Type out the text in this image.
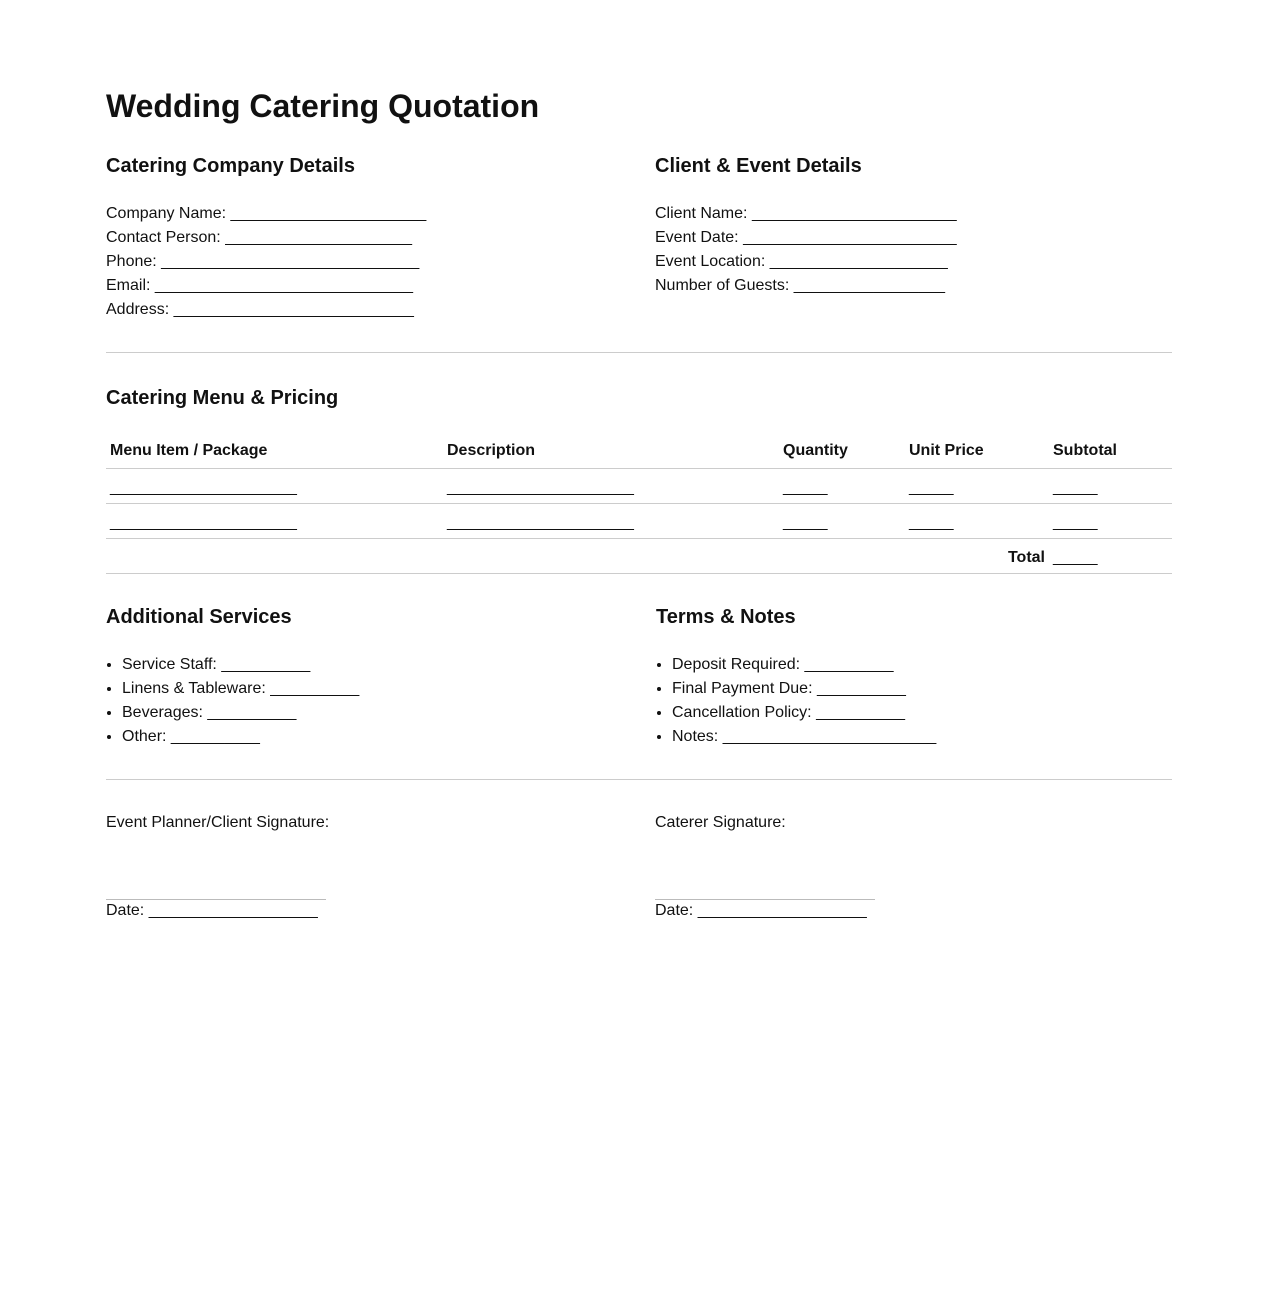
Wedding Catering Quotation
Catering Company Details
Company Name: ______________________
Contact Person: _____________________
Phone: _____________________________
Email: _____________________________
Address: ___________________________
Client & Event Details
Client Name: _______________________
Event Date: ________________________
Event Location: ____________________
Number of Guests: _________________
Catering Menu & Pricing
Menu Item / Package	Description	Quantity	Unit Price	Subtotal
_____________________	_____________________	_____	_____	_____
_____________________	_____________________	_____	_____	_____
Total				_____
Additional Services
• Service Staff: __________
• Linens & Tableware: __________
• Beverages: __________
• Other: __________
Terms & Notes
• Deposit Required: __________
• Final Payment Due: __________
• Cancellation Policy: __________
• Notes: ________________________
Event Planner/Client Signature:
Date: ___________________
Caterer Signature:
Date: ___________________
